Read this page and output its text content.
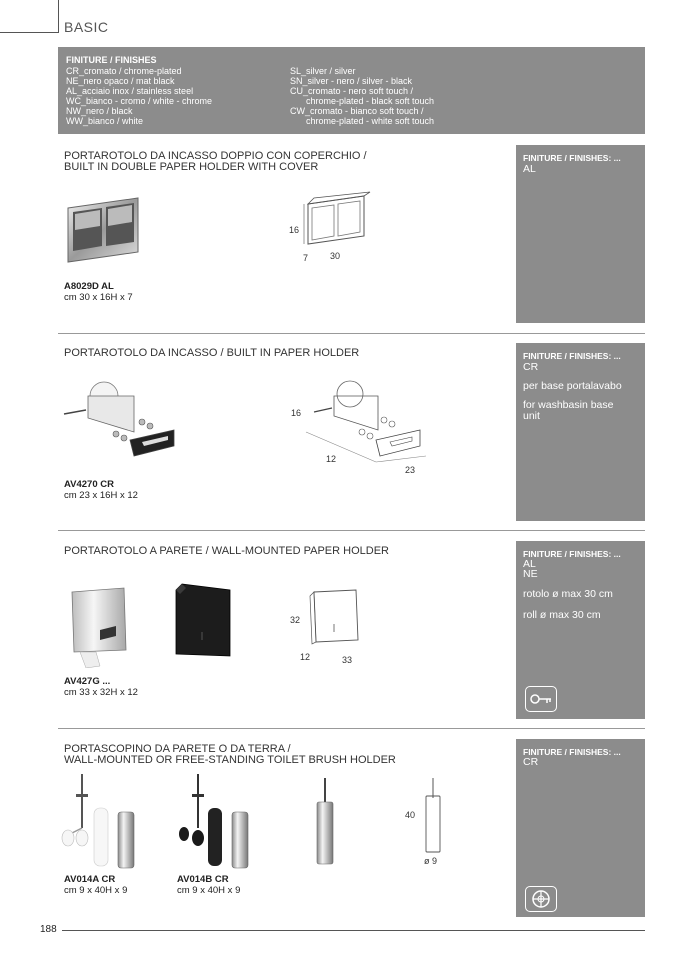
BASIC
FINITURE / FINISHES
CR_cromato / chrome-plated
NE_nero opaco / mat black
AL_acciaio inox / stainless steel
WC_bianco - cromo / white - chrome
NW_nero / black
WW_bianco / white
SL_silver / silver
SN_silver - nero / silver - black
CU_cromato - nero soft touch /
chrome-plated - black soft touch
CW_cromato - bianco soft touch /
chrome-plated - white soft touch
PORTAROTOLO DA INCASSO DOPPIO CON COPERCHIO /
BUILT IN DOUBLE PAPER HOLDER WITH COVER
FINITURE / FINISHES: ...
AL
16
7 30
A8029D AL
cm 30 x 16H x 7
PORTAROTOLO DA INCASSO / BUILT IN PAPER HOLDER	FINITURE / FINISHES: ...
CR
per base portalavabo
for washbasin base
unit
16
12
23
AV4270 CR
cm 23 x 16H x 12
PORTAROTOLO A PARETE / WALL-MOUNTED PAPER HOLDER	FINITURE / FINISHES: ...
AL
NE
rotolo ø max 30 cm
roll ø max 30 cm
32
12	33
AV427G ...
cm 33 x 32H x 12
PORTASCOPINO DA PARETE O DA TERRA /
WALL-MOUNTED OR FREE-STANDING TOILET BRUSH HOLDER
FINITURE / FINISHES: ...
CR
40
ø 9
AV014A CR
cm 9 x 40H x 9
AV014B CR
cm 9 x 40H x 9
188
